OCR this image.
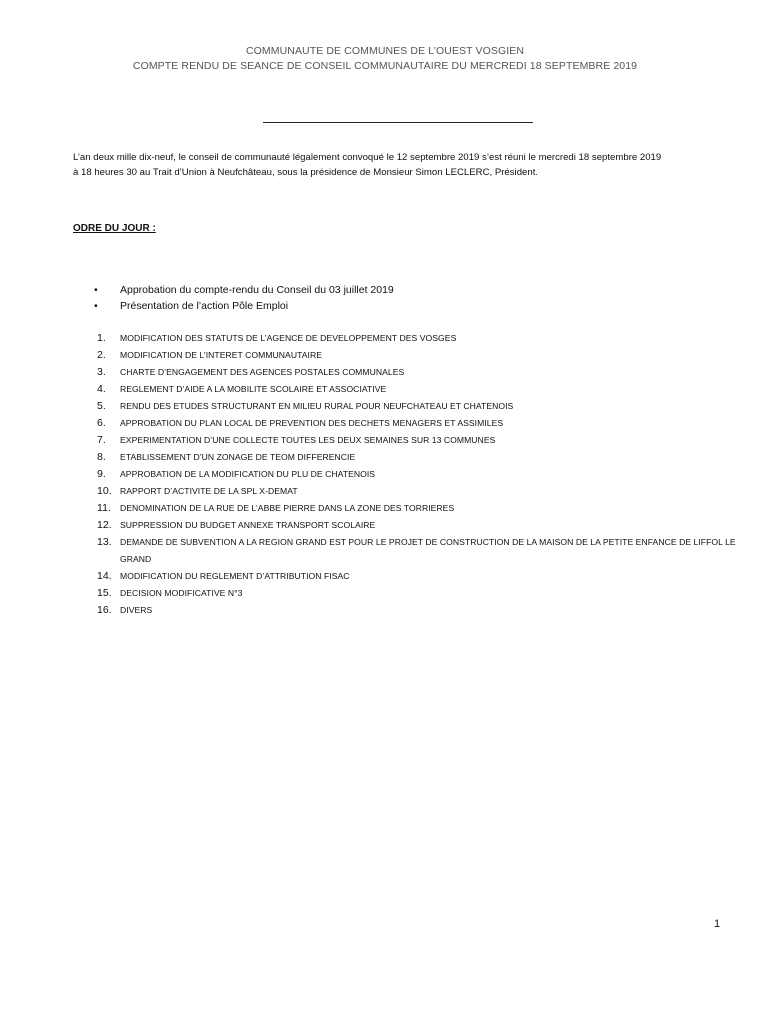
COMMUNAUTE DE COMMUNES DE L’OUEST VOSGIEN
COMPTE RENDU DE SEANCE DE CONSEIL COMMUNAUTAIRE DU MERCREDI 18 SEPTEMBRE 2019
L’an deux mille dix-neuf, le conseil de communauté légalement convoqué le 12 septembre 2019 s’est réuni le mercredi 18 septembre 2019
à 18 heures 30 au Trait d’Union à Neufchâteau, sous la présidence de Monsieur Simon LECLERC, Président.
ODRE DU JOUR :
• Approbation du compte-rendu du Conseil du 03 juillet 2019
• Présentation de l’action Pôle Emploi
1. MODIFICATION DES STATUTS DE L’AGENCE DE DEVELOPPEMENT DES VOSGES
2. MODIFICATION DE L’INTERET COMMUNAUTAIRE
3. CHARTE D’ENGAGEMENT DES AGENCES POSTALES COMMUNALES
4. REGLEMENT D’AIDE A LA MOBILITE SCOLAIRE ET ASSOCIATIVE
5. RENDU DES ETUDES STRUCTURANT EN MILIEU RURAL POUR NEUFCHATEAU ET CHATENOIS
6. APPROBATION DU PLAN LOCAL DE PREVENTION DES DECHETS MENAGERS ET ASSIMILES
7. EXPERIMENTATION D’UNE COLLECTE TOUTES LES DEUX SEMAINES SUR 13 COMMUNES
8. ETABLISSEMENT D’UN ZONAGE DE TEOM DIFFERENCIE
9. APPROBATION DE LA MODIFICATION DU PLU DE CHATENOIS
10. RAPPORT D’ACTIVITE DE LA SPL X-DEMAT
11. DENOMINATION DE LA RUE DE L’ABBE PIERRE DANS LA ZONE DES TORRIERES
12. SUPPRESSION DU BUDGET ANNEXE TRANSPORT SCOLAIRE
13. DEMANDE DE SUBVENTION A LA REGION GRAND EST POUR LE PROJET DE CONSTRUCTION DE LA MAISON DE LA PETITE ENFANCE DE LIFFOL LE GRAND
14. MODIFICATION DU REGLEMENT D’ATTRIBUTION FISAC
15. DECISION MODIFICATIVE N°3
16. DIVERS
1
